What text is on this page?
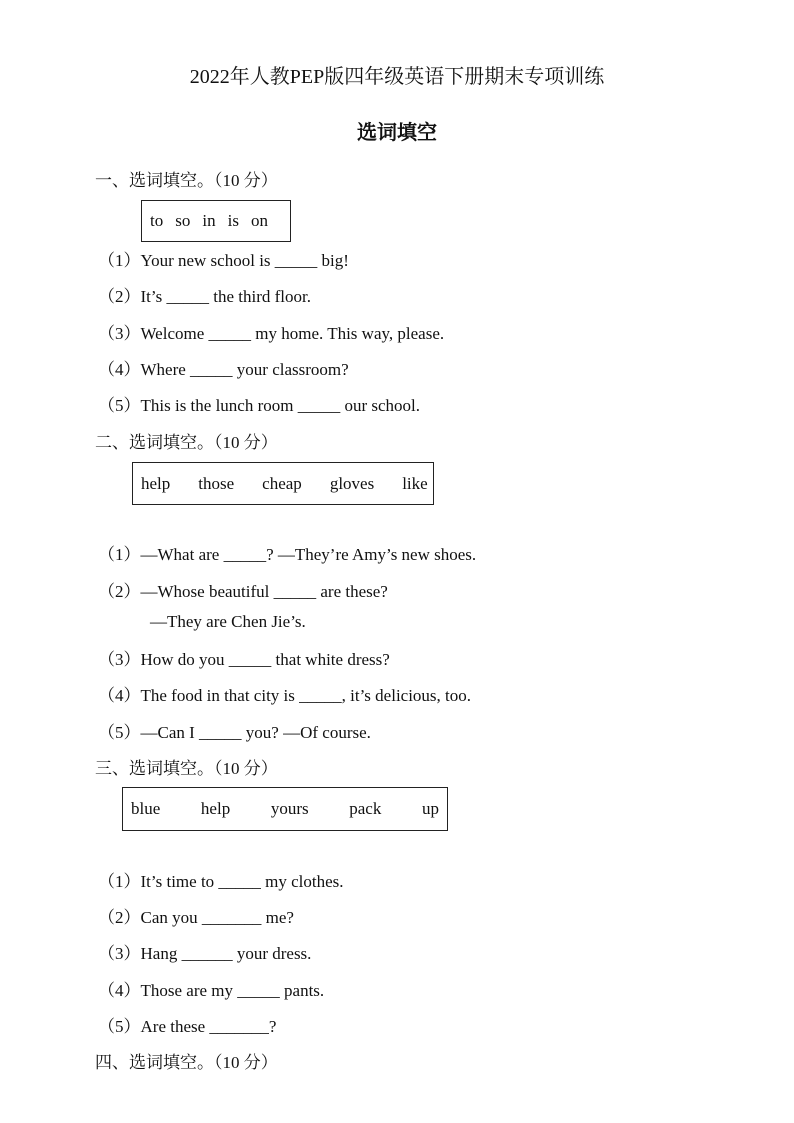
2022年人教PEP版四年级英语下册期末专项训练
选词填空
一、选词填空。（10 分）
to so in is on
（1）Your new school is _____ big!
（2）It’s _____ the third floor.
（3）Welcome _____ my home. This way, please.
（4）Where _____ your classroom?
（5）This is the lunch room _____ our school.
二、选词填空。（10 分）
help those cheap gloves like
（1）—What are _____? —They’re Amy’s new shoes.
（2）—Whose beautiful _____ are these?
—They are Chen Jie’s.
（3）How do you _____ that white dress?
（4）The food in that city is _____, it’s delicious, too.
（5）—Can I _____ you? —Of course.
三、选词填空。（10 分）
blue help yours pack up
（1）It’s time to _____ my clothes.
（2）Can you _______ me?
（3）Hang ______ your dress.
（4）Those are my _____ pants.
（5）Are these _______?
四、选词填空。（10 分）
